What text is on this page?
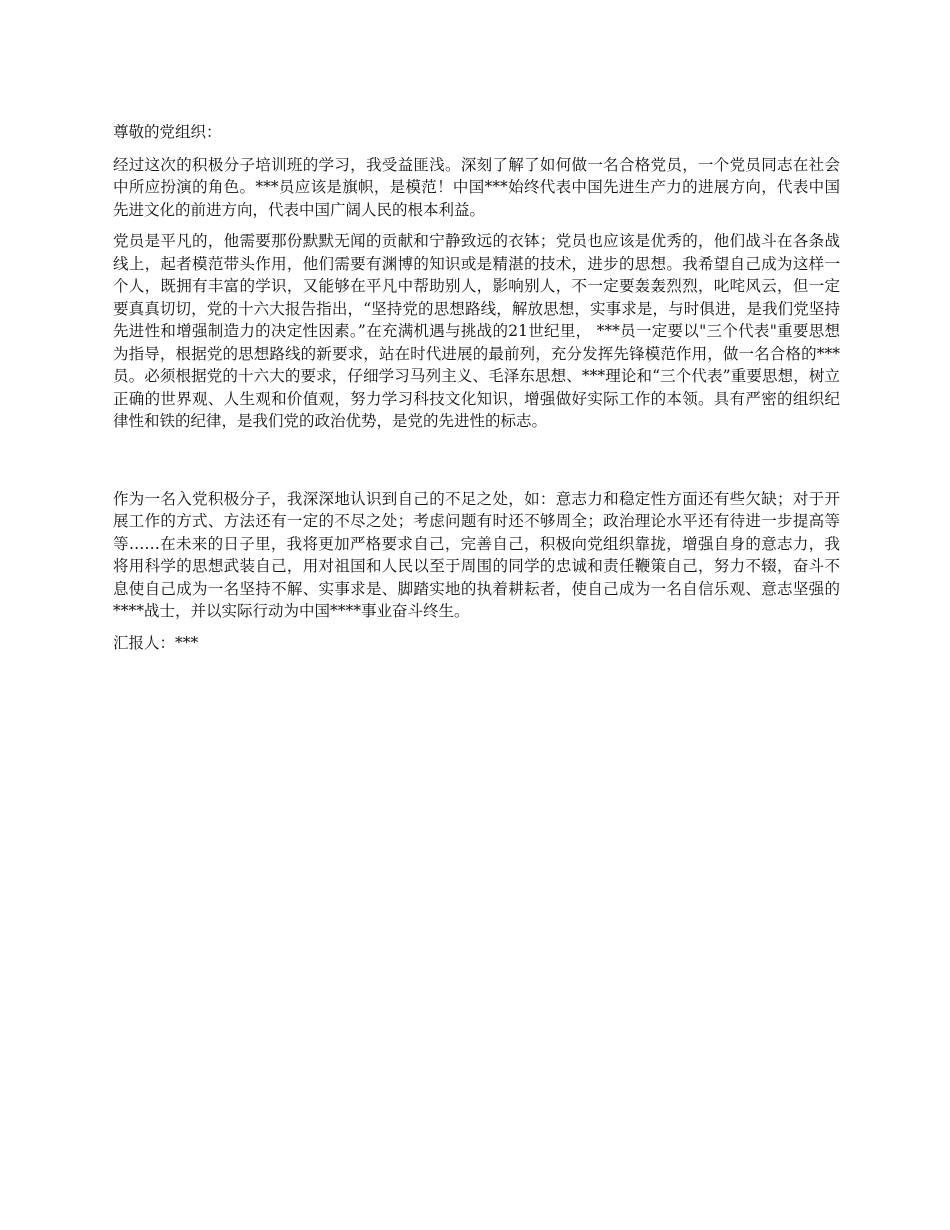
尊敬的党组织：

经过这次的积极分子培训班的学习，我受益匪浅。深刻了解了如何做一名合格党员，一个党员同志在社会中所应扮演的角色。***员应该是旗帜，是模范！中国***始终代表中国先进生产力的进展方向，代表中国先进文化的前进方向，代表中国广阔人民的根本利益。

党员是平凡的，他需要那份默默无闻的贡献和宁静致远的衣钵；党员也应该是优秀的，他们战斗在各条战线上，起者模范带头作用，他们需要有渊博的知识或是精湛的技术，进步的思想。我希望自己成为这样一个人，既拥有丰富的学识，又能够在平凡中帮助别人，影响别人，不一定要轰轰烈烈，叱咤风云，但一定要真真切切，党的十六大报告指出，“坚持党的思想路线，解放思想，实事求是，与时俱进，是我们党坚持先进性和增强制造力的决定性因素。”在充满机遇与挑战的21世纪里， ***员一定要以"三个代表"重要思想为指导，根据党的思想路线的新要求，站在时代进展的最前列，充分发挥先锋模范作用，做一名合格的***员。必须根据党的十六大的要求，仔细学习马列主义、毛泽东思想、***理论和“三个代表”重要思想，树立正确的世界观、人生观和价值观，努力学习科技文化知识，增强做好实际工作的本领。具有严密的组织纪律性和铁的纪律，是我们党的政治优势，是党的先进性的标志。

作为一名入党积极分子，我深深地认识到自己的不足之处，如：意志力和稳定性方面还有些欠缺；对于开展工作的方式、方法还有一定的不尽之处；考虑问题有时还不够周全；政治理论水平还有待进一步提高等等……在未来的日子里，我将更加严格要求自己，完善自己，积极向党组织靠拢，增强自身的意志力，我将用科学的思想武装自己，用对祖国和人民以至于周围的同学的忠诚和责任鞭策自己，努力不辍，奋斗不息使自己成为一名坚持不解、实事求是、脚踏实地的执着耕耘者，使自己成为一名自信乐观、意志坚强的****战士，并以实际行动为中国****事业奋斗终生。

汇报人：***
